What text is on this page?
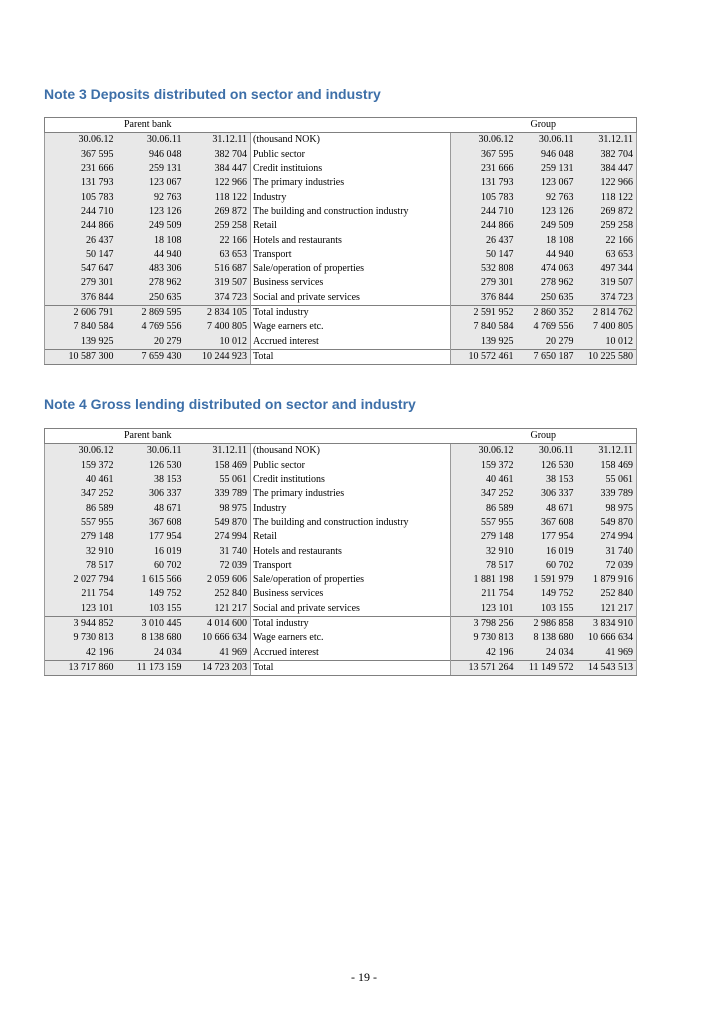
Note 3 Deposits distributed on sector and industry
Parent bank				Group		
30.06.12	30.06.11	31.12.11	(thousand NOK)	30.06.12	30.06.11	31.12.11
367 595	946 048	382 704	Public sector	367 595	946 048	382 704
231 666	259 131	384 447	Credit instituions	231 666	259 131	384 447
131 793	123 067	122 966	The primary industries	131 793	123 067	122 966
105 783	92 763	118 122	Industry	105 783	92 763	118 122
244 710	123 126	269 872	The building and construction industry	244 710	123 126	269 872
244 866	249 509	259 258	Retail	244 866	249 509	259 258
26 437	18 108	22 166	Hotels and restaurants	26 437	18 108	22 166
50 147	44 940	63 653	Transport	50 147	44 940	63 653
547 647	483 306	516 687	Sale/operation of properties	532 808	474 063	497 344
279 301	278 962	319 507	Business services	279 301	278 962	319 507
376 844	250 635	374 723	Social and private services	376 844	250 635	374 723
2 606 791	2 869 595	2 834 105	Total industry	2 591 952	2 860 352	2 814 762
7 840 584	4 769 556	7 400 805	Wage earners etc.	7 840 584	4 769 556	7 400 805
139 925	20 279	10 012	Accrued interest	139 925	20 279	10 012
10 587 300	7 659 430	10 244 923	Total	10 572 461	7 650 187	10 225 580
Note 4 Gross lending distributed on sector and industry
Parent bank				Group		
30.06.12	30.06.11	31.12.11	(thousand NOK)	30.06.12	30.06.11	31.12.11
159 372	126 530	158 469	Public sector	159 372	126 530	158 469
40 461	38 153	55 061	Credit institutions	40 461	38 153	55 061
347 252	306 337	339 789	The primary industries	347 252	306 337	339 789
86 589	48 671	98 975	Industry	86 589	48 671	98 975
557 955	367 608	549 870	The building and construction industry	557 955	367 608	549 870
279 148	177 954	274 994	Retail	279 148	177 954	274 994
32 910	16 019	31 740	Hotels and restaurants	32 910	16 019	31 740
78 517	60 702	72 039	Transport	78 517	60 702	72 039
2 027 794	1 615 566	2 059 606	Sale/operation of properties	1 881 198	1 591 979	1 879 916
211 754	149 752	252 840	Business services	211 754	149 752	252 840
123 101	103 155	121 217	Social and private services	123 101	103 155	121 217
3 944 852	3 010 445	4 014 600	Total industry	3 798 256	2 986 858	3 834 910
9 730 813	8 138 680	10 666 634	Wage earners etc.	9 730 813	8 138 680	10 666 634
42 196	24 034	41 969	Accrued interest	42 196	24 034	41 969
13 717 860	11 173 159	14 723 203	Total	13 571 264	11 149 572	14 543 513
- 19 -
